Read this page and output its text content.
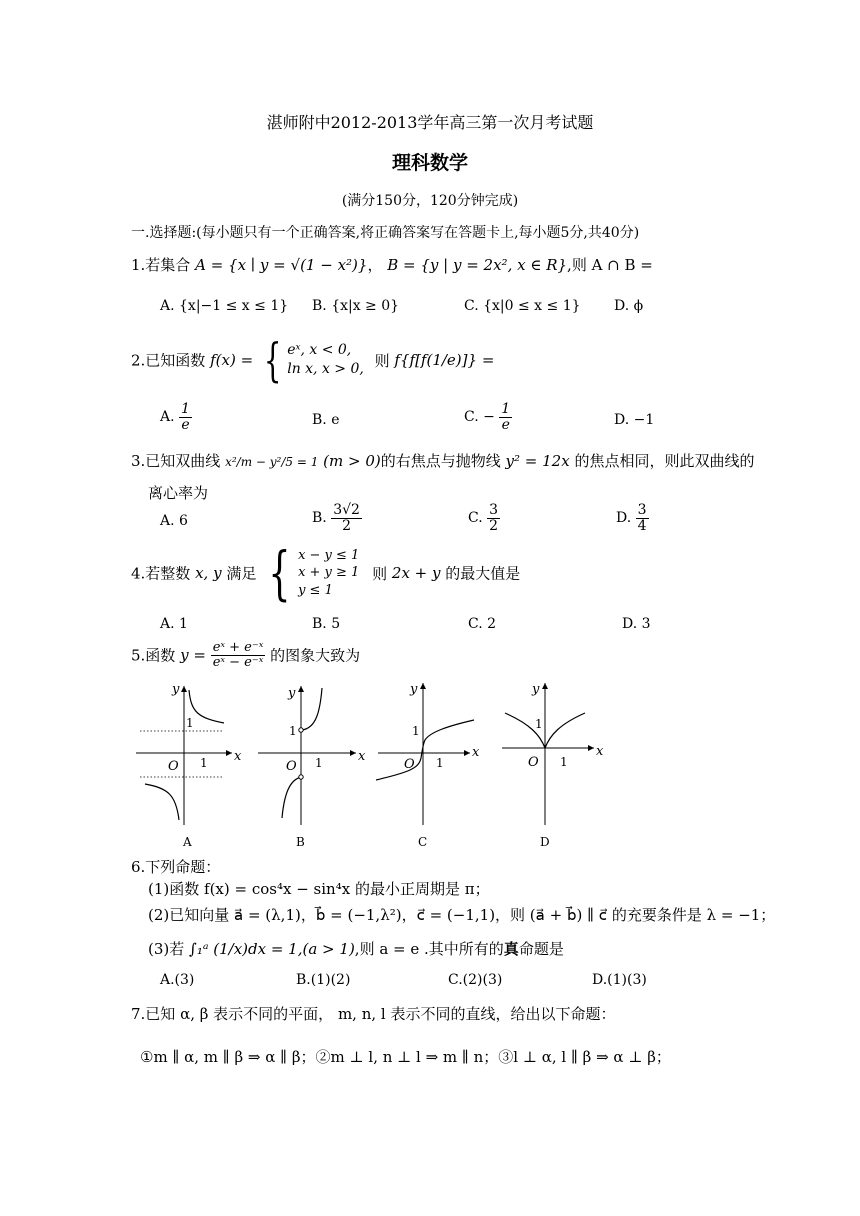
湛师附中2012-2013学年高三第一次月考试题
理科数学
(满分150分，120分钟完成)
一.选择题:(每小题只有一个正确答案,将正确答案写在答题卡上,每小题5分,共40分)
1.若集合 A = {x ∣ y = √(1 − x²)}， B = {y | y = 2x², x ∈ R},则 A ∩ B =
A. {x|−1 ≤ x ≤ 1} B. {x|x ≥ 0}	C. {x|0 ≤ x ≤ 1} D. ϕ
2.已知函数 f(x) = { eˣ, x < 0,
ln x, x > 0, 则 f{f[f(1/e)]} =
A. $\frac{1}{e}$	B. e	C. − $\frac{1}{e}$	D. −1
3.已知双曲线 x²/m − y²/5 = 1 (m > 0)的右焦点与抛物线 y² = 12x 的焦点相同，则此双曲线的
离心率为
A. 6	B. $\frac{3√2}{2}$	C. $\frac{3}{2}$	D. $\frac{3}{4}$
4.若整数 x, y 满足 { x − y ≤ 1
x + y ≥ 1
y ≤ 1
则 2x + y 的最大值是
A. 1	B. 5	C. 2	D. 3
5.函数 $y = \frac{\text{eˣ + e⁻ˣ}}{\text{eˣ − e⁻ˣ}}$ 的图象大致为
y
x
O
1
1
A
y
x
O
1
1
B
y
x
O
1
1
C
y
x
O
1
1
D
6.下列命题：
(1)函数 f(x) = cos⁴x − sin⁴x 的最小正周期是 π；
(2)已知向量 a⃗ = (λ,1)，b⃗ = (−1,λ²)，c⃗ = (−1,1)，则 (a⃗ + b⃗) ∥ c⃗ 的充要条件是 λ = −1；
(3)若 ∫₁ᵃ (1/x)dx = 1,(a > 1),则 a = e .其中所有的真命题是
A.(3)	B.(1)(2)	C.(2)(3)	D.(1)(3)
7.已知 α, β 表示不同的平面， m, n, l 表示不同的直线，给出以下命题：
①m ∥ α, m ∥ β ⇒ α ∥ β；②m ⊥ l, n ⊥ l ⇒ m ∥ n；③l ⊥ α, l ∥ β ⇒ α ⊥ β；
